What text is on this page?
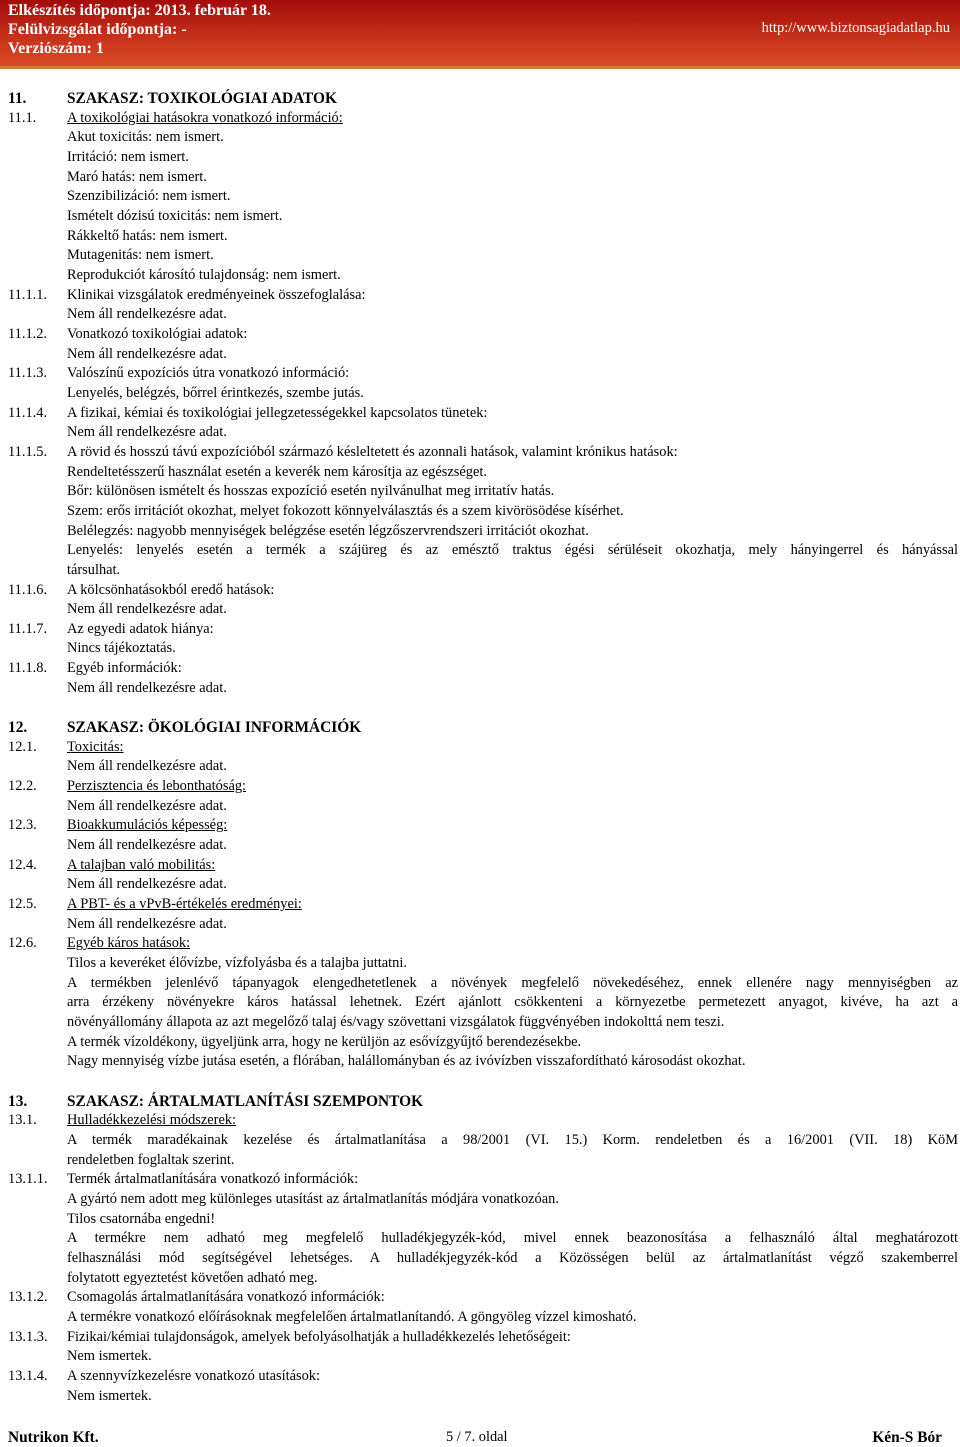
Elkészítés időpontja: 2013. február 18.
Felülvizsgálat időpontja: -
Verziószám: 1
http://www.biztonsagiadatlap.hu
11.	SZAKASZ: TOXIKOLÓGIAI ADATOK
11.1. A toxikológiai hatásokra vonatkozó információ:
Akut toxicitás: nem ismert.
Irritáció: nem ismert.
Maró hatás: nem ismert.
Szenzibilizáció: nem ismert.
Ismételt dózisú toxicitás: nem ismert.
Rákkeltő hatás: nem ismert.
Mutagenitás: nem ismert.
Reprodukciót károsító tulajdonság: nem ismert.
11.1.1. Klinikai vizsgálatok eredményeinek összefoglalása:
Nem áll rendelkezésre adat.
11.1.2. Vonatkozó toxikológiai adatok:
Nem áll rendelkezésre adat.
11.1.3. Valószínű expozíciós útra vonatkozó információ:
Lenyelés, belégzés, bőrrel érintkezés, szembe jutás.
11.1.4. A fizikai, kémiai és toxikológiai jellegzetességekkel kapcsolatos tünetek:
Nem áll rendelkezésre adat.
11.1.5. A rövid és hosszú távú expozícióból származó késleltetett és azonnali hatások, valamint krónikus hatások:
Rendeltetésszerű használat esetén a keverék nem károsítja az egészséget.
Bőr: különösen ismételt és hosszas expozíció esetén nyilvánulhat meg irritatív hatás.
Szem: erős irritációt okozhat, melyet fokozott könnyelválasztás és a szem kivörösödése kísérhet.
Belélegzés: nagyobb mennyiségek belégzése esetén légzőszervrendszeri irritációt okozhat.
Lenyelés: lenyelés esetén a termék a szájüreg és az emésztő traktus égési sérüléseit okozhatja, mely hányingerrel és hányással
társulhat.
11.1.6. A kölcsönhatásokból eredő hatások:
Nem áll rendelkezésre adat.
11.1.7. Az egyedi adatok hiánya:
Nincs tájékoztatás.
11.1.8. Egyéb információk:
Nem áll rendelkezésre adat.
12.	SZAKASZ: ÖKOLÓGIAI INFORMÁCIÓK
12.1. Toxicitás:
Nem áll rendelkezésre adat.
12.2. Perzisztencia és lebonthatóság:
Nem áll rendelkezésre adat.
12.3. Bioakkumulációs képesség:
Nem áll rendelkezésre adat.
12.4. A talajban való mobilitás:
Nem áll rendelkezésre adat.
12.5. A PBT- és a vPvB-értékelés eredményei:
Nem áll rendelkezésre adat.
12.6. Egyéb káros hatások:
Tilos a keveréket élővízbe, vízfolyásba és a talajba juttatni.
A termékben jelenlévő tápanyagok elengedhetetlenek a növények megfelelő növekedéséhez, ennek ellenére nagy mennyiségben az
arra érzékeny növényekre káros hatással lehetnek. Ezért ajánlott csökkenteni a környezetbe permetezett anyagot, kivéve, ha azt a
növényállomány állapota az azt megelőző talaj és/vagy szövettani vizsgálatok függvényében indokolttá nem teszi.
A termék vízoldékony, ügyeljünk arra, hogy ne kerüljön az esővízgyűjtő berendezésekbe.
Nagy mennyiség vízbe jutása esetén, a flórában, halállományban és az ivóvízben visszafordítható károsodást okozhat.
13.	SZAKASZ: ÁRTALMATLANÍTÁSI SZEMPONTOK
13.1. Hulladékkezelési módszerek:
A termék maradékainak kezelése és ártalmatlanítása a 98/2001 (VI. 15.) Korm. rendeletben és a 16/2001 (VII. 18) KöM
rendeletben foglaltak szerint.
13.1.1. Termék ártalmatlanítására vonatkozó információk:
A gyártó nem adott meg különleges utasítást az ártalmatlanítás módjára vonatkozóan.
Tilos csatornába engedni!
A termékre nem adható meg megfelelő hulladékjegyzék-kód, mivel ennek beazonosítása a felhasználó által meghatározott
felhasználási mód segítségével lehetséges. A hulladékjegyzék-kód a Közösségen belül az ártalmatlanítást végző szakemberrel
folytatott egyeztetést követően adható meg.
13.1.2. Csomagolás ártalmatlanítására vonatkozó információk:
A termékre vonatkozó előírásoknak megfelelően ártalmatlanítandó. A göngyöleg vízzel kimosható.
13.1.3. Fizikai/kémiai tulajdonságok, amelyek befolyásolhatják a hulladékkezelés lehetőségeit:
Nem ismertek.
13.1.4. A szennyvízkezelésre vonatkozó utasítások:
Nem ismertek.
Nutrikon Kft.	5 / 7. oldal	Kén-S Bór
